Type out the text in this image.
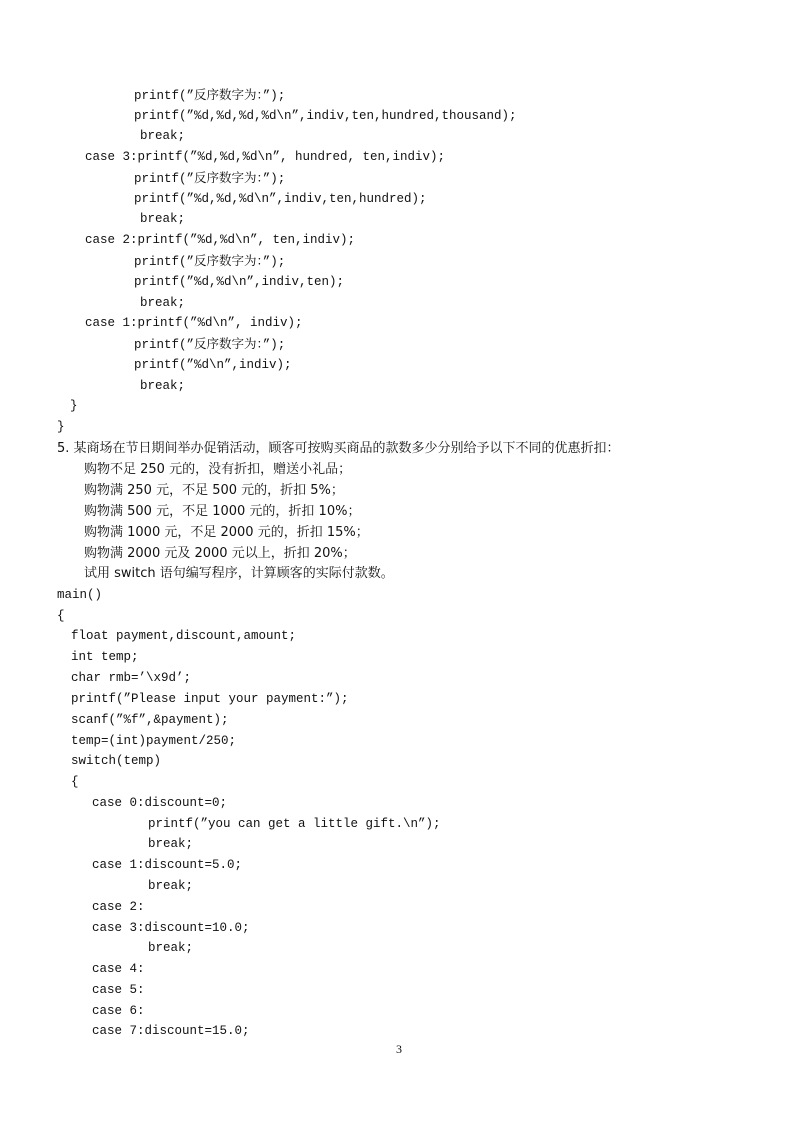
printf(”反序数字为：”);
printf(”%d,%d,%d,%d\n”,indiv,ten,hundred,thousand);
break;
case 3:printf(”%d,%d,%d\n”, hundred, ten,indiv);
printf(”反序数字为：”);
printf(”%d,%d,%d\n”,indiv,ten,hundred);
break;
case 2:printf(”%d,%d\n”, ten,indiv);
printf(”反序数字为：”);
printf(”%d,%d\n”,indiv,ten);
break;
case 1:printf(”%d\n”, indiv);
printf(”反序数字为：”);
printf(”%d\n”,indiv);
break;
}
}
5. 某商场在节日期间举办促销活动，顾客可按购买商品的款数多少分别给予以下不同的优惠折扣：
购物不足 250 元的，没有折扣，赠送小礼品；
购物满 250 元，不足 500 元的，折扣 5%；
购物满 500 元，不足 1000 元的，折扣 10%；
购物满 1000 元，不足 2000 元的，折扣 15%；
购物满 2000 元及 2000 元以上，折扣 20%；
试用 switch 语句编写程序，计算顾客的实际付款数。
main()
{
float payment,discount,amount;
int temp;
char rmb=’\x9d’;
printf(”Please input your payment:”);
scanf(”%f”,&payment);
temp=(int)payment/250;
switch(temp)
{
case 0:discount=0;
printf(”you can get a little gift.\n”);
break;
case 1:discount=5.0;
break;
case 2:
case 3:discount=10.0;
break;
case 4:
case 5:
case 6:
case 7:discount=15.0;
3
